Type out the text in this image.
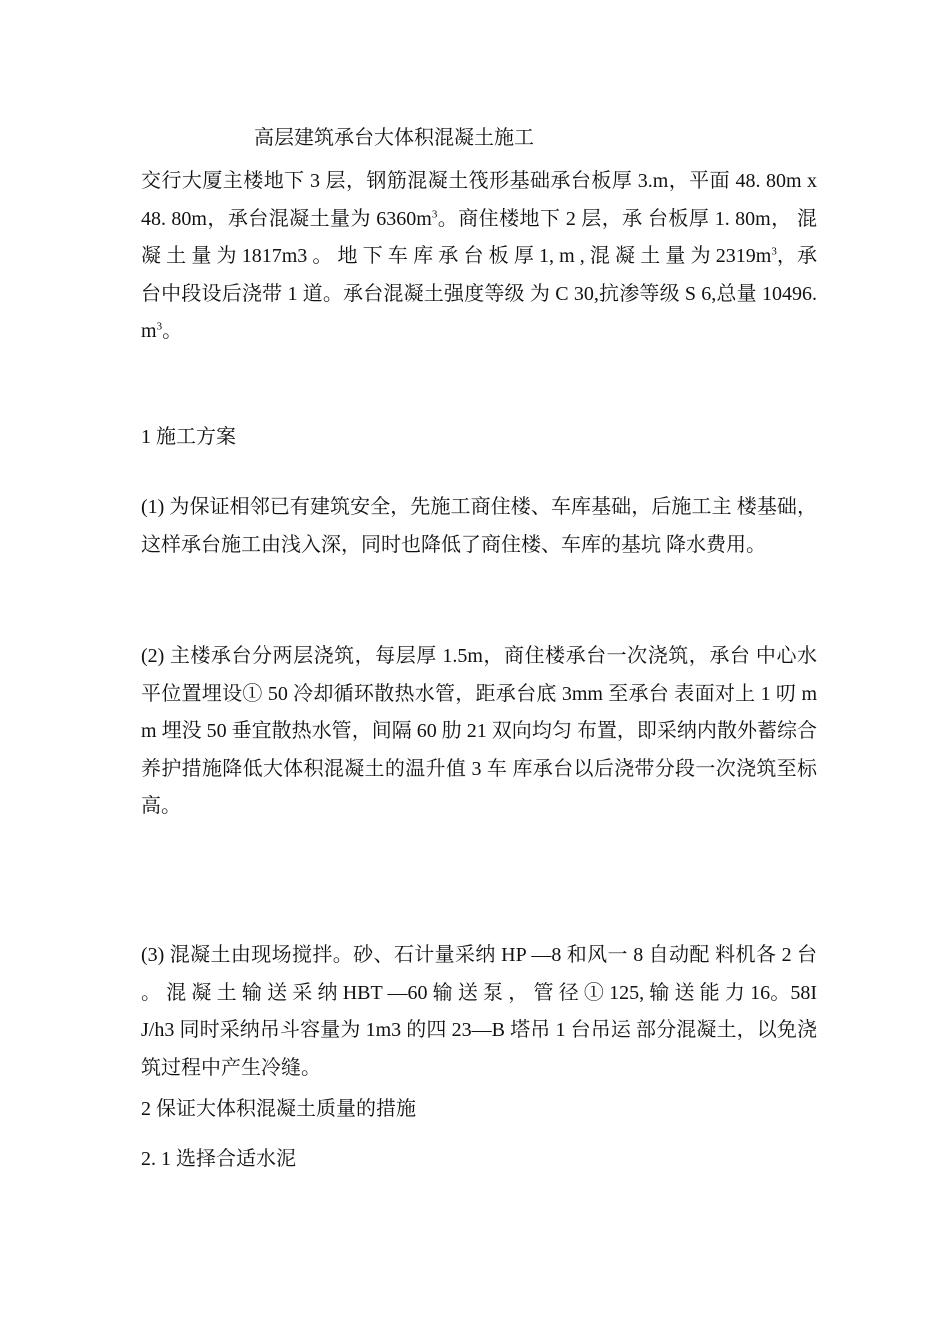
高层建筑承台大体积混凝土施工
交行大厦主楼地下 3 层，钢筋混凝土筏形基础承台板厚 3.m，平面 48. 80m x 48. 80m，承台混凝土量为 $6360m^3$。商住楼地下 2 层，承 台板厚 1. 80m， 混 凝 土 量 为 1817m3 。 地 下 车 库 承 台 板 厚 1, m , 混 凝 土 量 为 $2319m^3$，承台中段设后浇带 1 道。承台混凝土强度等级 为 C 30,抗渗等级 S 6,总量 $10496.m^3$。
1 施工方案
(1) 为保证相邻已有建筑安全，先施工商住楼、车库基础，后施工主 楼基础，这样承台施工由浅入深，同时也降低了商住楼、车库的基坑 降水费用。
(2) 主楼承台分两层浇筑，每层厚 1.5m，商住楼承台一次浇筑，承台 中心水平位置埋设① 50 冷却循环散热水管，距承台底 3mm 至承台 表面对上 1 叨 mm 埋没 50 垂宜散热水管，间隔 60 肋 21 双向均匀 布置，即采纳内散外蓄综合养护措施降低大体积混凝土的温升值 3 车 库承台以后浇带分段一次浇筑至标高。
(3) 混凝土由现场搅拌。砂、石计量采纳 HP —8 和风一 8 自动配 料机各 2 台 。 混 凝 土 输 送 采 纳 HBT —60 输 送 泵 ， 管 径 ① 125, 输 送 能 力 16。58IJ/h3 同时采纳吊斗容量为 1m3 的四 23—B 塔吊 1 台吊运 部分混凝土，以免浇筑过程中产生冷缝。
2 保证大体积混凝土质量的措施
2. 1 选择合适水泥
